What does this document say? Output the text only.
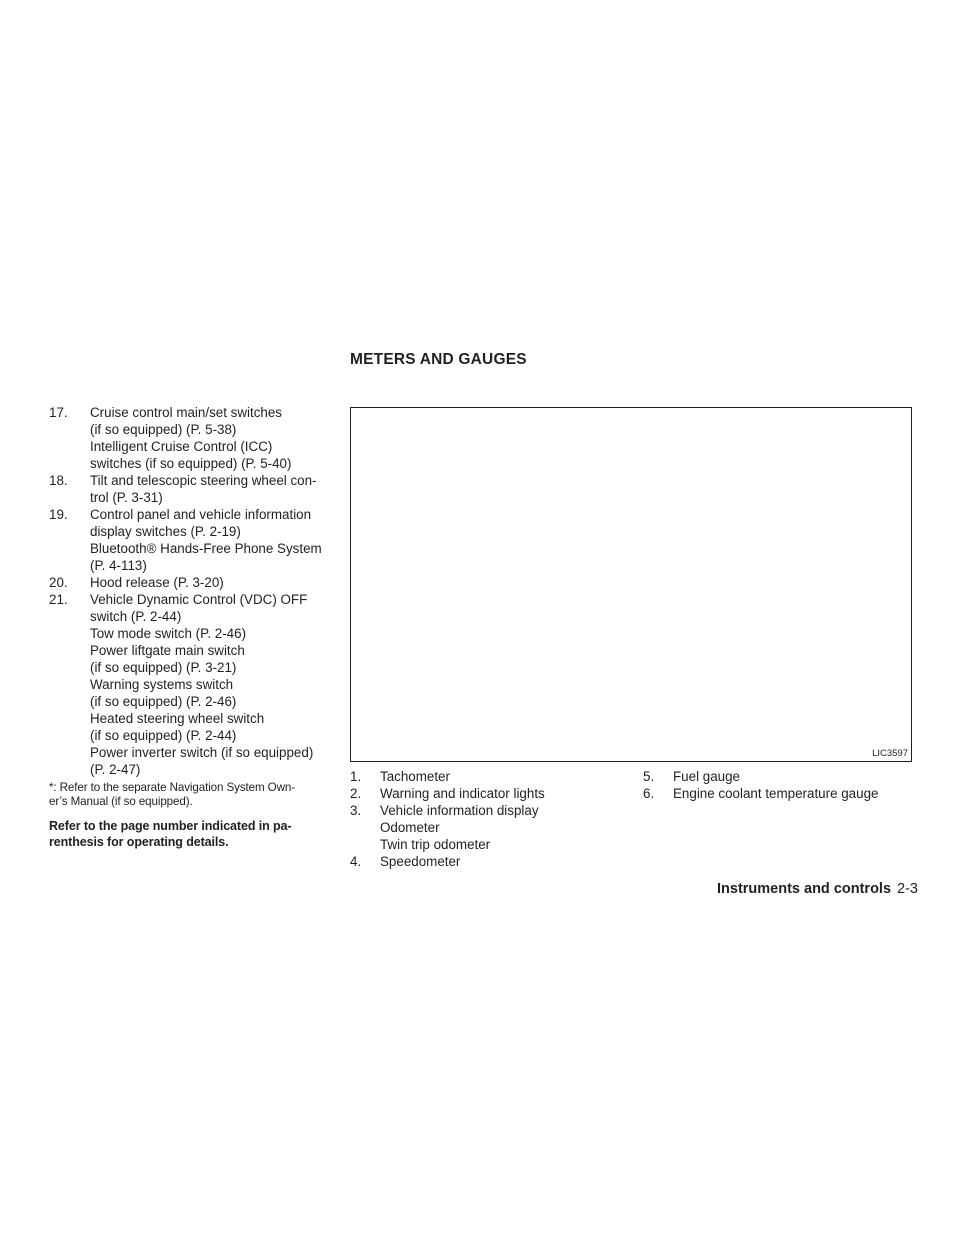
METERS AND GAUGES
17. Cruise control main/set switches
(if so equipped) (P. 5-38)
Intelligent Cruise Control (ICC)
switches (if so equipped) (P. 5-40)
18. Tilt and telescopic steering wheel con-
trol (P. 3-31)
19. Control panel and vehicle information
display switches (P. 2-19)
Bluetooth® Hands-Free Phone System
(P. 4-113)
20. Hood release (P. 3-20)
21. Vehicle Dynamic Control (VDC) OFF
switch (P. 2-44)
Tow mode switch (P. 2-46)
Power liftgate main switch
(if so equipped) (P. 3-21)
Warning systems switch
(if so equipped) (P. 2-46)
Heated steering wheel switch
(if so equipped) (P. 2-44)
Power inverter switch (if so equipped)
(P. 2-47)
*: Refer to the separate Navigation System Own-
er’s Manual (if so equipped).
Refer to the page number indicated in pa-
renthesis for operating details.
LIC3597
1. Tachometer
2. Warning and indicator lights
3. Vehicle information display
Odometer
Twin trip odometer
4. Speedometer
5. Fuel gauge
6. Engine coolant temperature gauge
Instruments and controls 2-3
